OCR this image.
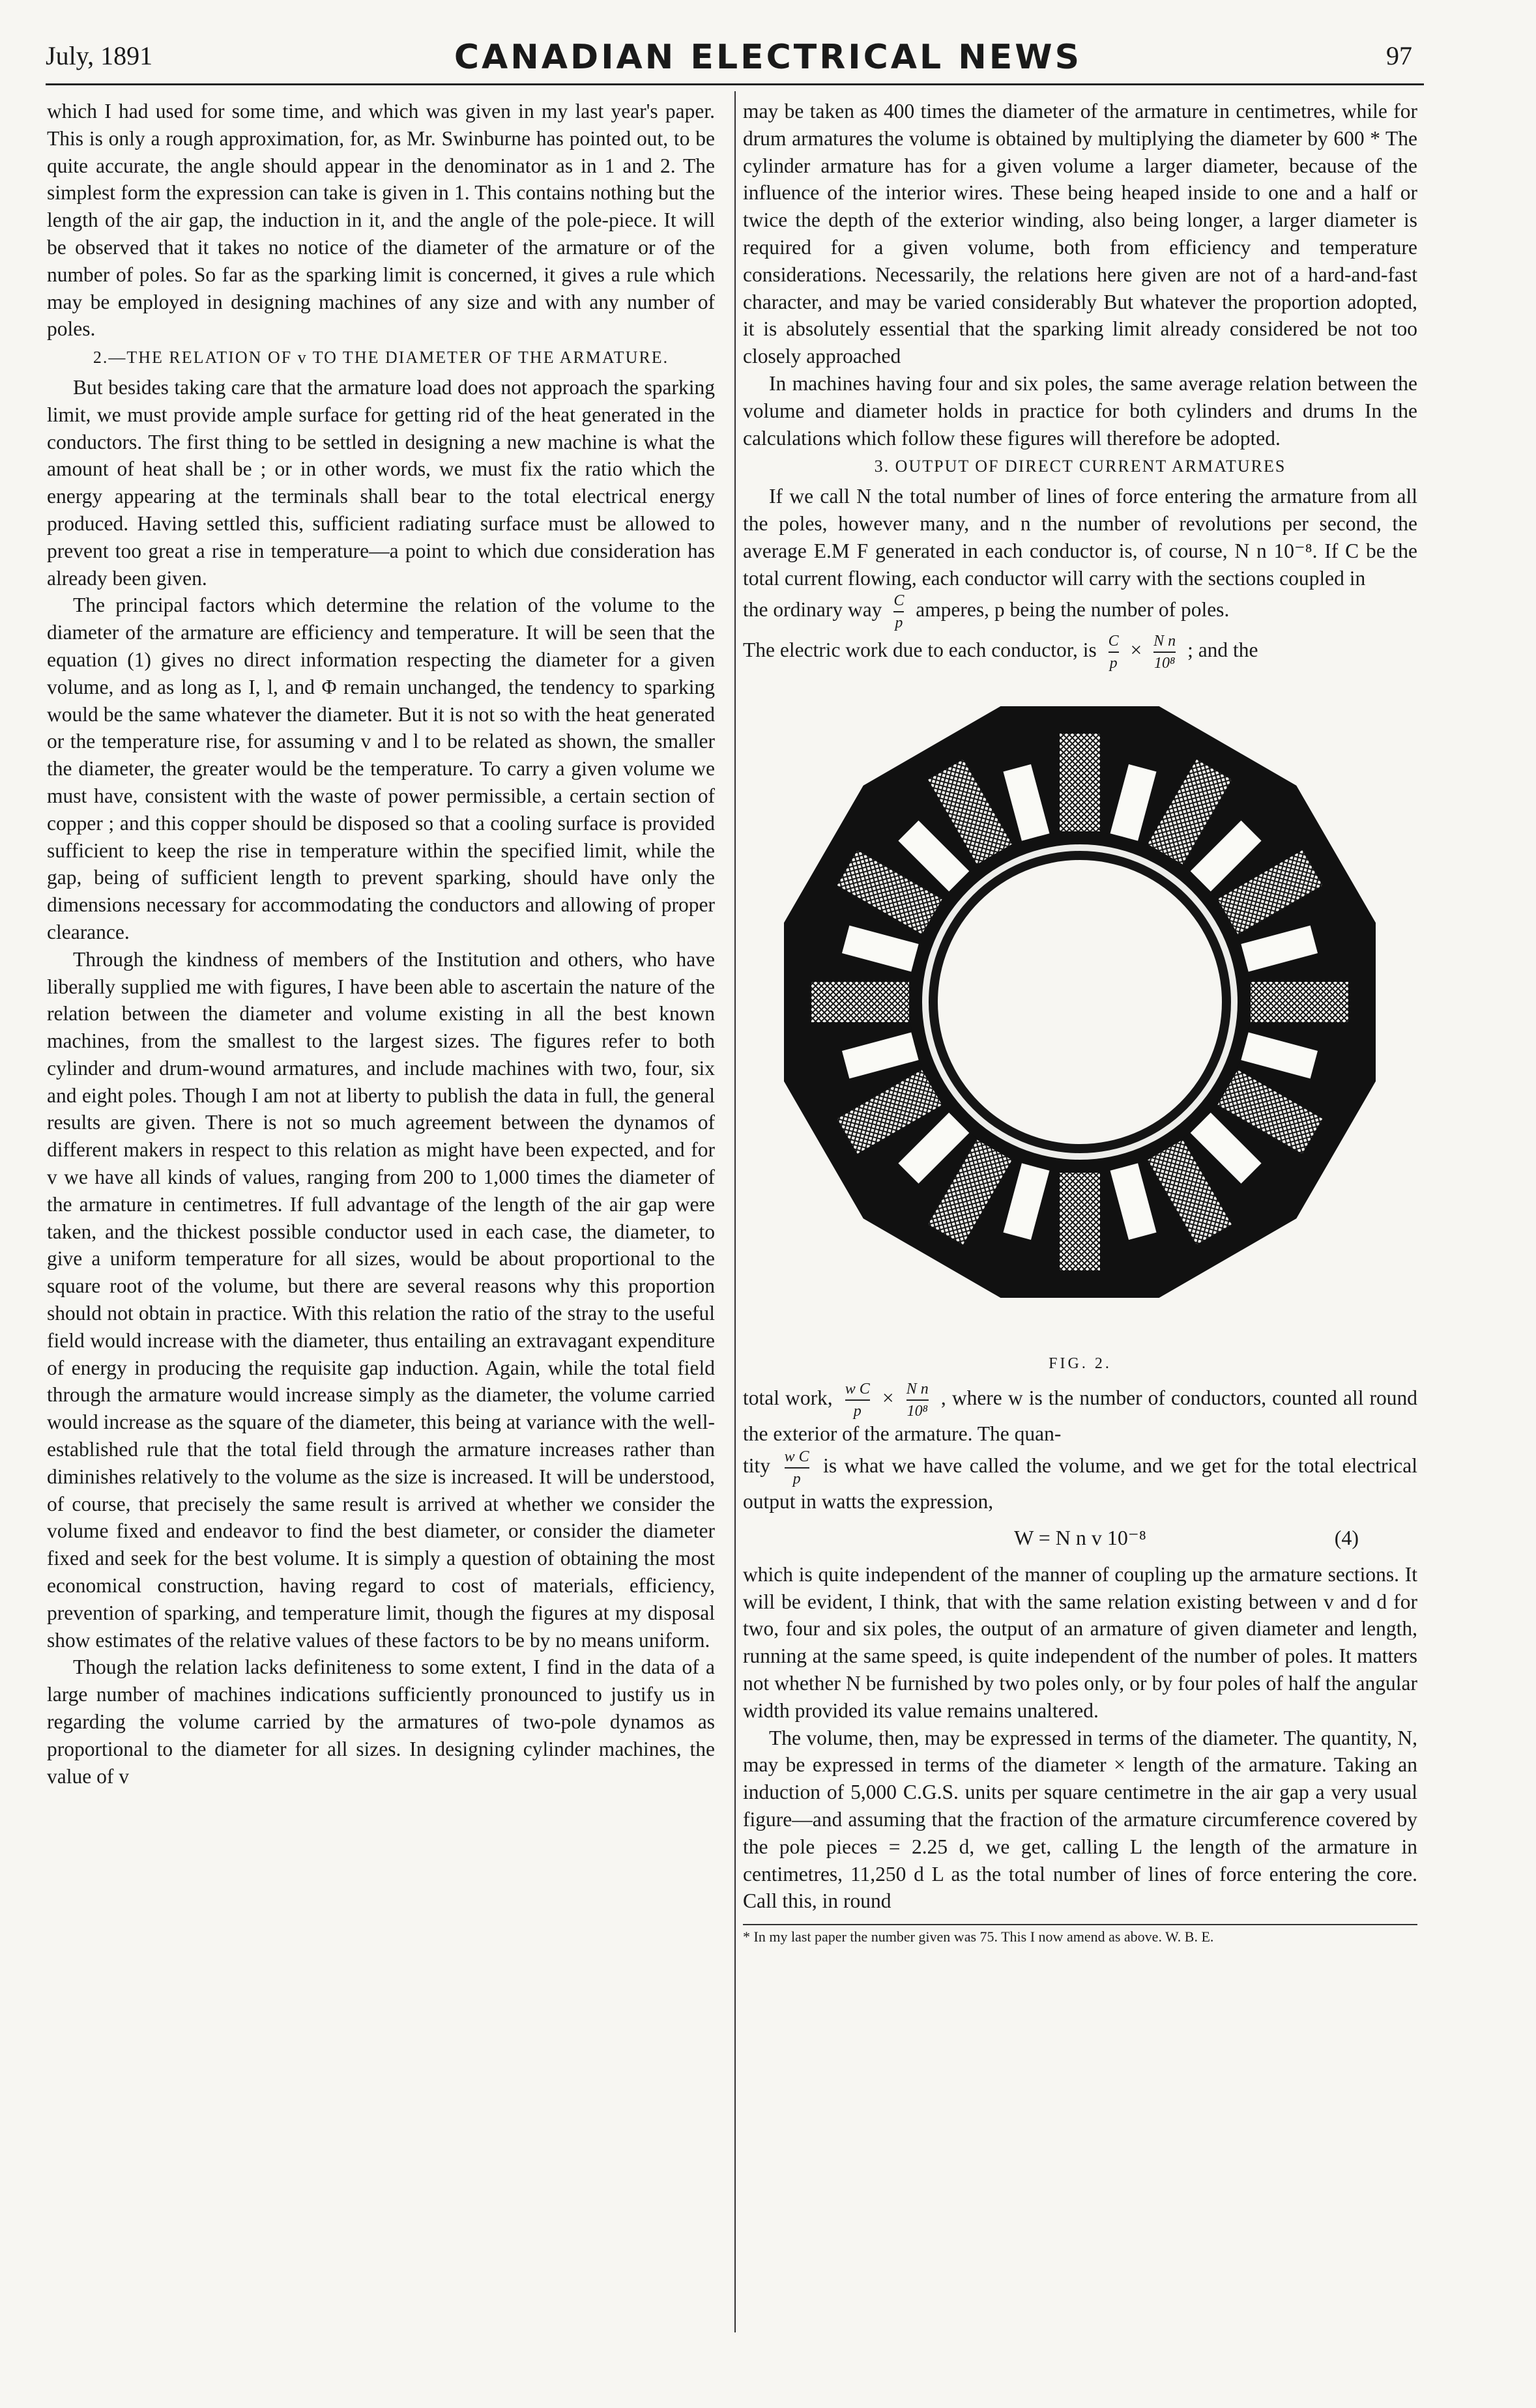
July, 1891	CANADIAN ELECTRICAL NEWS	97

which I had used for some time, and which was given in my last year's paper. This is only a rough approximation, for, as Mr. Swinburne has pointed out, to be quite accurate, the angle should appear in the denominator as in 1 and 2. The simplest form the expression can take is given in 1. This contains nothing but the length of the air gap, the induction in it, and the angle of the pole-piece. It will be observed that it takes no notice of the diameter of the armature or of the number of poles. So far as the sparking limit is concerned, it gives a rule which may be employed in designing machines of any size and with any number of poles.

2.—THE RELATION OF v TO THE DIAMETER OF THE ARMATURE.

But besides taking care that the armature load does not approach the sparking limit, we must provide ample surface for getting rid of the heat generated in the conductors. The first thing to be settled in designing a new machine is what the amount of heat shall be ; or in other words, we must fix the ratio which the energy appearing at the terminals shall bear to the total electrical energy produced. Having settled this, sufficient radiating surface must be allowed to prevent too great a rise in temperature—a point to which due consideration has already been given.

The principal factors which determine the relation of the volume to the diameter of the armature are efficiency and temperature. It will be seen that the equation (1) gives no direct information respecting the diameter for a given volume, and as long as I, l, and Φ remain unchanged, the tendency to sparking would be the same whatever the diameter. But it is not so with the heat generated or the temperature rise, for assuming v and l to be related as shown, the smaller the diameter, the greater would be the temperature. To carry a given volume we must have, consistent with the waste of power permissible, a certain section of copper ; and this copper should be disposed so that a cooling surface is provided sufficient to keep the rise in temperature within the specified limit, while the gap, being of sufficient length to prevent sparking, should have only the dimensions necessary for accommodating the conductors and allowing of proper clearance.

Through the kindness of members of the Institution and others, who have liberally supplied me with figures, I have been able to ascertain the nature of the relation between the diameter and volume existing in all the best known machines, from the smallest to the largest sizes. The figures refer to both cylinder and drum-wound armatures, and include machines with two, four, six and eight poles. Though I am not at liberty to publish the data in full, the general results are given. There is not so much agreement between the dynamos of different makers in respect to this relation as might have been expected, and for v we have all kinds of values, ranging from 200 to 1,000 times the diameter of the armature in centimetres. If full advantage of the length of the air gap were taken, and the thickest possible conductor used in each case, the diameter, to give a uniform temperature for all sizes, would be about proportional to the square root of the volume, but there are several reasons why this proportion should not obtain in practice. With this relation the ratio of the stray to the useful field would increase with the diameter, thus entailing an extravagant expenditure of energy in producing the requisite gap induction. Again, while the total field through the armature would increase simply as the diameter, the volume carried would increase as the square of the diameter, this being at variance with the well-established rule that the total field through the armature increases rather than diminishes relatively to the volume as the size is increased. It will be understood, of course, that precisely the same result is arrived at whether we consider the volume fixed and endeavor to find the best diameter, or consider the diameter fixed and seek for the best volume. It is simply a question of obtaining the most economical construction, having regard to cost of materials, efficiency, prevention of sparking, and temperature limit, though the figures at my disposal show estimates of the relative values of these factors to be by no means uniform.

Though the relation lacks definiteness to some extent, I find in the data of a large number of machines indications sufficiently pronounced to justify us in regarding the volume carried by the armatures of two-pole dynamos as proportional to the diameter for all sizes. In designing cylinder machines, the value of v

may be taken as 400 times the diameter of the armature in centimetres, while for drum armatures the volume is obtained by multiplying the diameter by 600 * The cylinder armature has for a given volume a larger diameter, because of the influence of the interior wires. These being heaped inside to one and a half or twice the depth of the exterior winding, also being longer, a larger diameter is required for a given volume, both from efficiency and temperature considerations. Necessarily, the relations here given are not of a hard-and-fast character, and may be varied considerably But whatever the proportion adopted, it is absolutely essential that the sparking limit already considered be not too closely approached

In machines having four and six poles, the same average relation between the volume and diameter holds in practice for both cylinders and drums In the calculations which follow these figures will therefore be adopted.

3. OUTPUT OF DIRECT CURRENT ARMATURES

If we call N the total number of lines of force entering the armature from all the poles, however many, and n the number of revolutions per second, the average E.M F generated in each conductor is, of course, N n 10⁻⁸. If C be the total current flowing, each conductor will carry with the sections coupled in

the ordinary way $\frac{C}{p}$ amperes, p being the number of poles.

The electric work due to each conductor, is $\frac{C}{p} \times \frac{\text{N n}}{\text{10⁸}}$ ; and the

FIG. 2.

total work, $\frac{\text{w C}}{p} \times \frac{\text{N n}}{\text{10⁸}}$ , where w is the number of conductors, counted all round the exterior of the armature. The quan-

tity $\frac{\text{w C}}{p}$ is what we have called the volume, and we get for the total electrical output in watts the expression,

W = N n v 10⁻⁸	(4)

which is quite independent of the manner of coupling up the armature sections. It will be evident, I think, that with the same relation existing between v and d for two, four and six poles, the output of an armature of given diameter and length, running at the same speed, is quite independent of the number of poles. It matters not whether N be furnished by two poles only, or by four poles of half the angular width provided its value remains unaltered.

The volume, then, may be expressed in terms of the diameter. The quantity, N, may be expressed in terms of the diameter × length of the armature. Taking an induction of 5,000 C.G.S. units per square centimetre in the air gap a very usual figure—and assuming that the fraction of the armature circumference covered by the pole pieces = 2.25 d, we get, calling L the length of the armature in centimetres, 11,250 d L as the total number of lines of force entering the core. Call this, in round

* In my last paper the number given was 75. This I now amend as above. W. B. E.
